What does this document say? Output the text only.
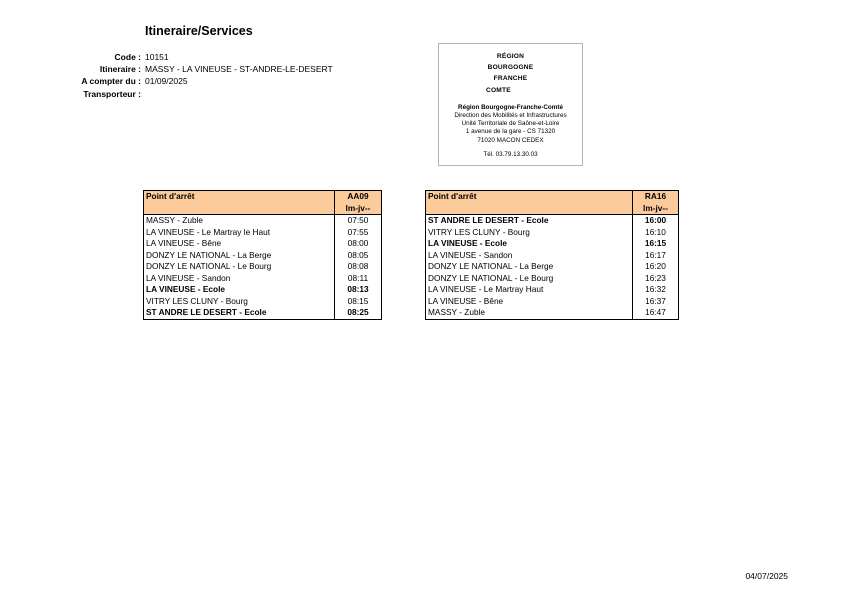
Itineraire/Services
Code : 10151
Itineraire : MASSY - LA VINEUSE - ST-ANDRE-LE-DESERT
A compter du : 01/09/2025
Transporteur :
RÉGION
BOURGOGNE
FRANCHE
COMTE
Région Bourgogne-Franche-Comté
Direction des Mobilités et Infrastructures
Unité Territoriale de Saône-et-Loire
1 avenue de la gare - CS 71320
71020 MACON CEDEX
Tél. 03.79.13.30.03
Point d'arrêt	AA09
lm-jv--

MASSY - Zuble	07:50
LA VINEUSE - Le Martray le Haut	07:55
LA VINEUSE - Bêne	08:00
DONZY LE NATIONAL - La Berge	08:05
DONZY LE NATIONAL - Le Bourg	08:08
LA VINEUSE - Sandon	08:11
LA VINEUSE - Ecole	08:13
VITRY LES CLUNY - Bourg	08:15
ST ANDRE LE DESERT - Ecole	08:25
Point d'arrêt	RA16
lm-jv--

ST ANDRE LE DESERT - Ecole	16:00
VITRY LES CLUNY - Bourg	16:10
LA VINEUSE - Ecole	16:15
LA VINEUSE - Sandon	16:17
DONZY LE NATIONAL - La Berge	16:20
DONZY LE NATIONAL - Le Bourg	16:23
LA VINEUSE - Le Martray Haut	16:32
LA VINEUSE - Bêne	16:37
MASSY - Zuble	16:47
04/07/2025
